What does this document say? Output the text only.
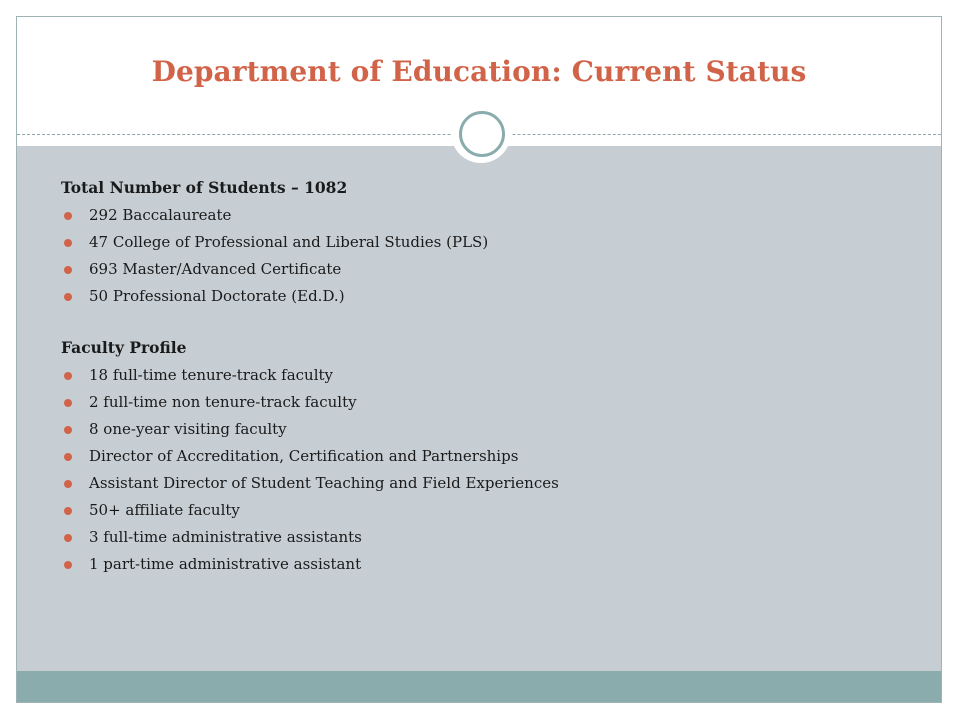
Department of Education: Current Status

Total Number of Students – 1082

292 Baccalaureate
47 College of Professional and Liberal Studies (PLS)
693 Master/Advanced Certificate
50 Professional Doctorate (Ed.D.)

Faculty Profile

18 full-time tenure-track faculty
2 full-time non tenure-track faculty
8 one-year visiting faculty
Director of Accreditation, Certification and Partnerships
Assistant Director of Student Teaching and Field Experiences
50+ affiliate faculty
3 full-time administrative assistants
1 part-time administrative assistant
